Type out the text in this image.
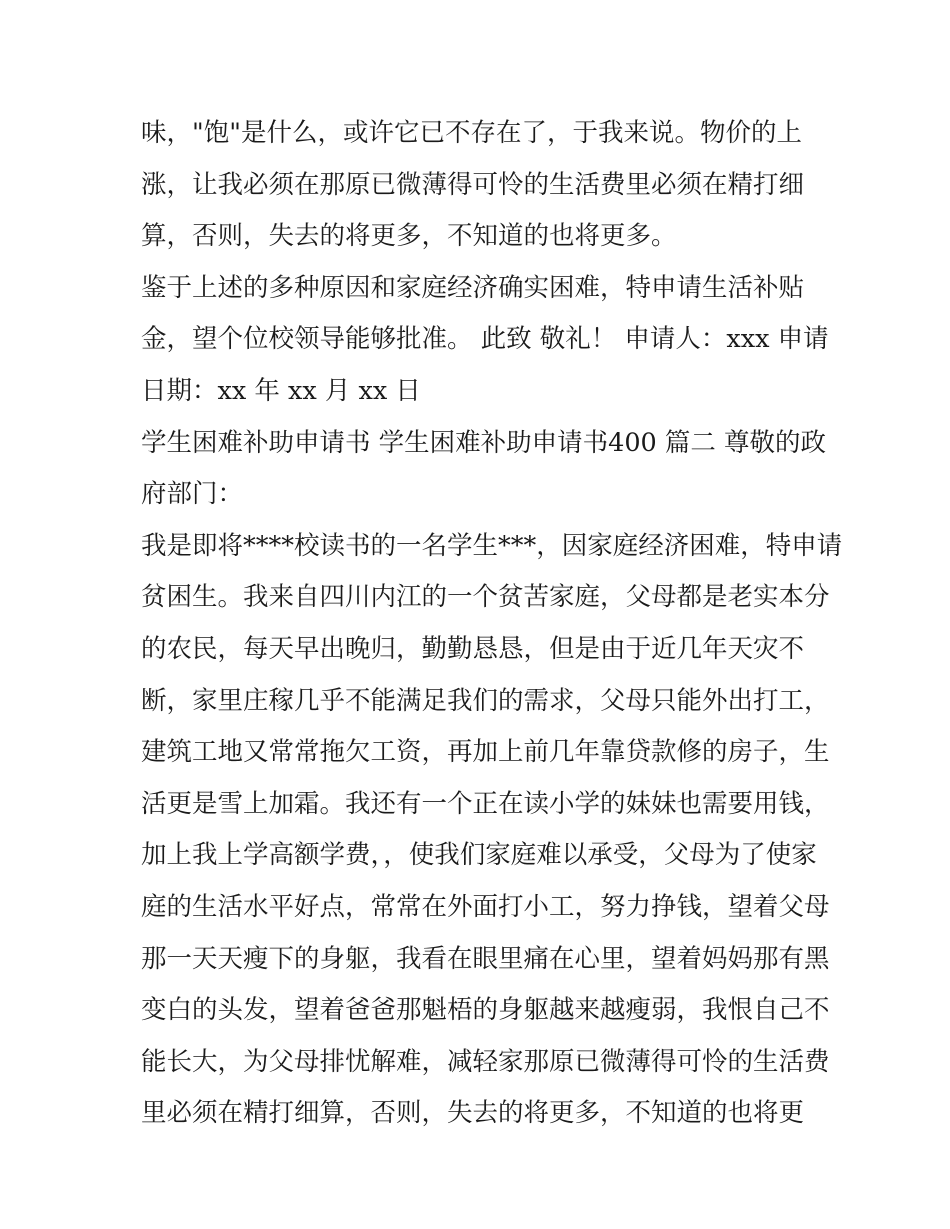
味，"饱"是什么，或许它已不存在了，于我来说。物价的上
涨，让我必须在那原已微薄得可怜的生活费里必须在精打细
算，否则，失去的将更多，不知道的也将更多。
鉴于上述的多种原因和家庭经济确实困难，特申请生活补贴
金，望个位校领导能够批准。 此致 敬礼！ 申请人：xxx 申请
日期：xx 年 xx 月 xx 日
学生困难补助申请书 学生困难补助申请书400 篇二 尊敬的政
府部门：
我是即将****校读书的一名学生***，因家庭经济困难，特申请
贫困生。我来自四川内江的一个贫苦家庭，父母都是老实本分
的农民，每天早出晚归，勤勤恳恳，但是由于近几年天灾不
断，家里庄稼几乎不能满足我们的需求，父母只能外出打工，
建筑工地又常常拖欠工资，再加上前几年靠贷款修的房子，生
活更是雪上加霜。我还有一个正在读小学的妹妹也需要用钱，
加上我上学高额学费，，使我们家庭难以承受，父母为了使家
庭的生活水平好点，常常在外面打小工，努力挣钱，望着父母
那一天天瘦下的身躯，我看在眼里痛在心里，望着妈妈那有黑
变白的头发，望着爸爸那魁梧的身躯越来越瘦弱，我恨自己不
能长大，为父母排忧解难，减轻家那原已微薄得可怜的生活费
里必须在精打细算，否则，失去的将更多，不知道的也将更
